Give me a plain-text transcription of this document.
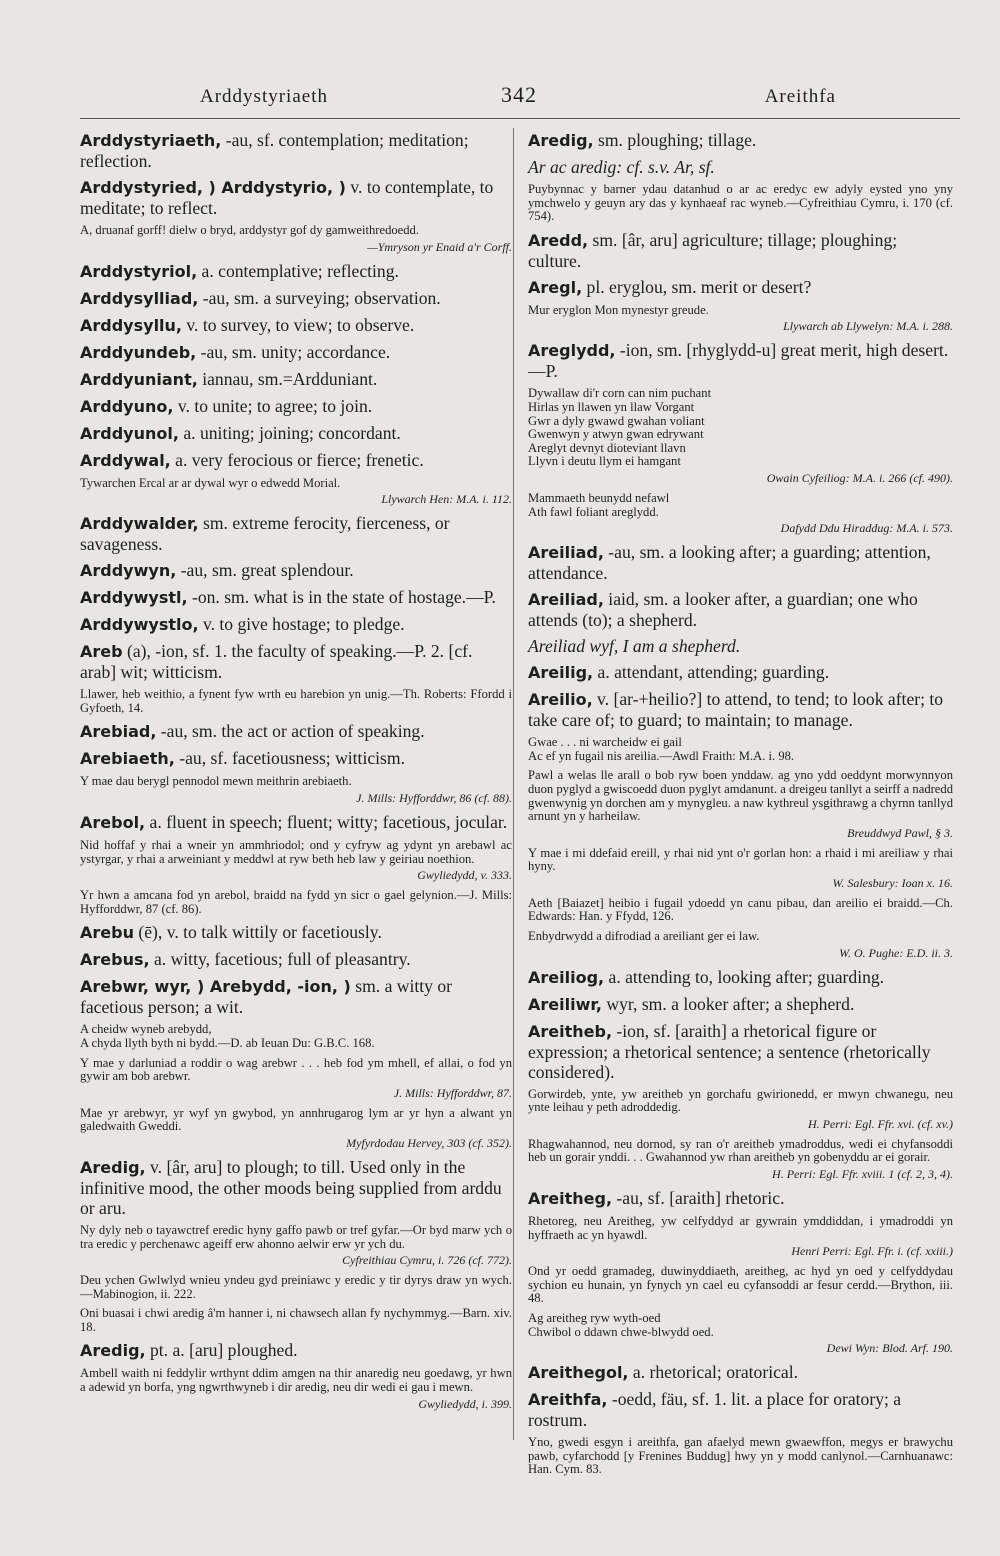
Arddystyriaeth	342	Areithfa
Arddystyriaeth, -au, sf. contemplation; meditation; reflection.
Arddystyried, ) Arddystyrio, ) v. to contemplate, to meditate; to reflect.
A, druanaf gorff! dielw o bryd, arddystyr gof dy gamweithredoedd.
—Ymryson yr Enaid a'r Corff.
Arddystyriol, a. contemplative; reflecting.
Arddysylliad, -au, sm. a surveying; observation.
Arddysyllu, v. to survey, to view; to observe.
Arddyundeb, -au, sm. unity; accordance.
Arddyuniant, iannau, sm.=Ardduniant.
Arddyuno, v. to unite; to agree; to join.
Arddyunol, a. uniting; joining; concordant.
Arddywal, a. very ferocious or fierce; frenetic.
Tywarchen Ercal ar ar dywal wyr o edwedd Morial.
Llywarch Hen: M.A. i. 112.
Arddywalder, sm. extreme ferocity, fierceness, or savageness.
Arddywyn, -au, sm. great splendour.
Arddywystl, -on. sm. what is in the state of hostage.—P.
Arddywystlo, v. to give hostage; to pledge.
Areb (a), -ion, sf. 1. the faculty of speaking.—P. 2. [cf. arab] wit; witticism.
Llawer, heb weithio, a fynent fyw wrth eu harebion yn unig.—Th. Roberts: Ffordd i Gyfoeth, 14.
Arebiad, -au, sm. the act or action of speaking.
Arebiaeth, -au, sf. facetiousness; witticism.
Y mae dau berygl pennodol mewn meithrin arebiaeth.
J. Mills: Hyfforddwr, 86 (cf. 88).
Arebol, a. fluent in speech; fluent; witty; facetious, jocular.
Nid hoffaf y rhai a wneir yn ammhriodol; ond y cyfryw ag ydynt yn arebawl ac ystyrgar, y rhai a arweiniant y meddwl at ryw beth heb law y geiriau noethion.
Gwyliedydd, v. 333.
Yr hwn a amcana fod yn arebol, braidd na fydd yn sicr o gael gelynion.—J. Mills: Hyfforddwr, 87 (cf. 86).
Arebu (ē), v. to talk wittily or facetiously.
Arebus, a. witty, facetious; full of pleasantry.
Arebwr, wyr, ) Arebydd, -ion, ) sm. a witty or facetious person; a wit.
A cheidw wyneb arebydd,
A chyda llyth byth ni bydd.—D. ab Ieuan Du: G.B.C. 168.
Y mae y darluniad a roddir o wag arebwr . . . heb fod ym mhell, ef allai, o fod yn gywir am bob arebwr.
J. Mills: Hyfforddwr, 87.
Mae yr arebwyr, yr wyf yn gwybod, yn annhrugarog lym ar yr hyn a alwant yn galedwaith Gweddi.
Myfyrdodau Hervey, 303 (cf. 352).
Aredig, v. [âr, aru] to plough; to till. Used only in the infinitive mood, the other moods being supplied from arddu or aru.
Ny dyly neb o tayawctref eredic hyny gaffo pawb or tref gyfar.—Or byd marw ych o tra eredic y perchenawc ageiff erw ahonno aelwir erw yr ych du.
Cyfreithiau Cymru, i. 726 (cf. 772).
Deu ychen Gwlwlyd wnieu yndeu gyd preiniawc y eredic y tir dyrys draw yn wych.—Mabinogion, ii. 222.
Oni buasai i chwi aredig â'm hanner i, ni chawsech allan fy nychymmyg.—Barn. xiv. 18.
Aredig, pt. a. [aru] ploughed.
Ambell waith ni feddylir wrthynt ddim amgen na thir anaredig neu goedawg, yr hwn a adewid yn borfa, yng ngwrthwyneb i dir aredig, neu dir wedi ei gau i mewn.
Gwyliedydd, i. 399.
Aredig, sm. ploughing; tillage.
Ar ac aredig: cf. s.v. Ar, sf.
Puybynnac y barner ydau datanhud o ar ac eredyc ew adyly eysted yno yny ymchwelo y geuyn ary das y kynhaeaf rac wyneb.—Cyfreithiau Cymru, i. 170 (cf. 754).
Aredd, sm. [âr, aru] agriculture; tillage; ploughing; culture.
Aregl, pl. eryglou, sm. merit or desert?
Mur eryglon Mon mynestyr greude.
Llywarch ab Llywelyn: M.A. i. 288.
Areglydd, -ion, sm. [rhyglydd-u] great merit, high desert.—P.
Dywallaw di'r corn can nim puchant
Hirlas yn llawen yn llaw Vorgant
Gwr a dyly gwawd gwahan voliant
Gwenwyn y atwyn gwan edrywant
Areglyt devnyt dioteviant llavn
Llyvn i deutu llym ei hamgant
Owain Cyfeiliog: M.A. i. 266 (cf. 490).
Mammaeth beunydd nefawl
Ath fawl foliant areglydd.
Dafydd Ddu Hiraddug: M.A. i. 573.
Areiliad, -au, sm. a looking after; a guarding; attention, attendance.
Areiliad, iaid, sm. a looker after, a guardian; one who attends (to); a shepherd.
Areiliad wyf, I am a shepherd.
Areilig, a. attendant, attending; guarding.
Areilio, v. [ar-+heilio?] to attend, to tend; to look after; to take care of; to guard; to maintain; to manage.
Gwae . . . ni warcheidw ei gail
Ac ef yn fugail nis areilia.—Awdl Fraith: M.A. i. 98.
Pawl a welas lle arall o bob ryw boen ynddaw. ag yno ydd oeddynt morwynnyon duon pyglyd a gwiscoedd duon pyglyt amdanunt. a dreigeu tanllyt a seirff a nadredd gwenwynig yn dorchen am y mynygleu. a naw kythreul ysgithrawg a chyrnn tanllyd arnunt yn y harheilaw.
Breuddwyd Pawl, § 3.
Y mae i mi ddefaid ereill, y rhai nid ynt o'r gorlan hon: a rhaid i mi areiliaw y rhai hyny.
W. Salesbury: Ioan x. 16.
Aeth [Baiazet] heibio i fugail ydoedd yn canu pibau, dan areilio ei braidd.—Ch. Edwards: Han. y Ffydd, 126.
Enbydrwydd a difrodiad a areiliant ger ei law.
W. O. Pughe: E.D. ii. 3.
Areiliog, a. attending to, looking after; guarding.
Areiliwr, wyr, sm. a looker after; a shepherd.
Areitheb, -ion, sf. [araith] a rhetorical figure or expression; a rhetorical sentence; a sentence (rhetorically considered).
Gorwirdeb, ynte, yw areitheb yn gorchafu gwirionedd, er mwyn chwanegu, neu ynte leihau y peth adroddedig.
H. Perri: Egl. Ffr. xvi. (cf. xv.)
Rhagwahannod, neu dornod, sy ran o'r areitheb ymadroddus, wedi ei chyfansoddi heb un gorair ynddi. . . Gwahannod yw rhan areitheb yn gobenyddu ar ei gorair.
H. Perri: Egl. Ffr. xviii. 1 (cf. 2, 3, 4).
Areitheg, -au, sf. [araith] rhetoric.
Rhetoreg, neu Areitheg, yw celfyddyd ar gywrain ymddiddan, i ymadroddi yn hyffraeth ac yn hyawdl.
Henri Perri: Egl. Ffr. i. (cf. xxiii.)
Ond yr oedd gramadeg, duwinyddiaeth, areitheg, ac hyd yn oed y celfyddydau sychion eu hunain, yn fynych yn cael eu cyfansoddi ar fesur cerdd.—Brython, iii. 48.
Ag areitheg ryw wyth-oed
Chwibol o ddawn chwe-blwydd oed.
Dewi Wyn: Blod. Arf. 190.
Areithegol, a. rhetorical; oratorical.
Areithfa, -oedd, fäu, sf. 1. lit. a place for oratory; a rostrum.
Yno, gwedi esgyn i areithfa, gan afaelyd mewn gwaewffon, megys er brawychu pawb, cyfarchodd [y Frenines Buddug] hwy yn y modd canlynol.—Carnhuanawc: Han. Cym. 83.
